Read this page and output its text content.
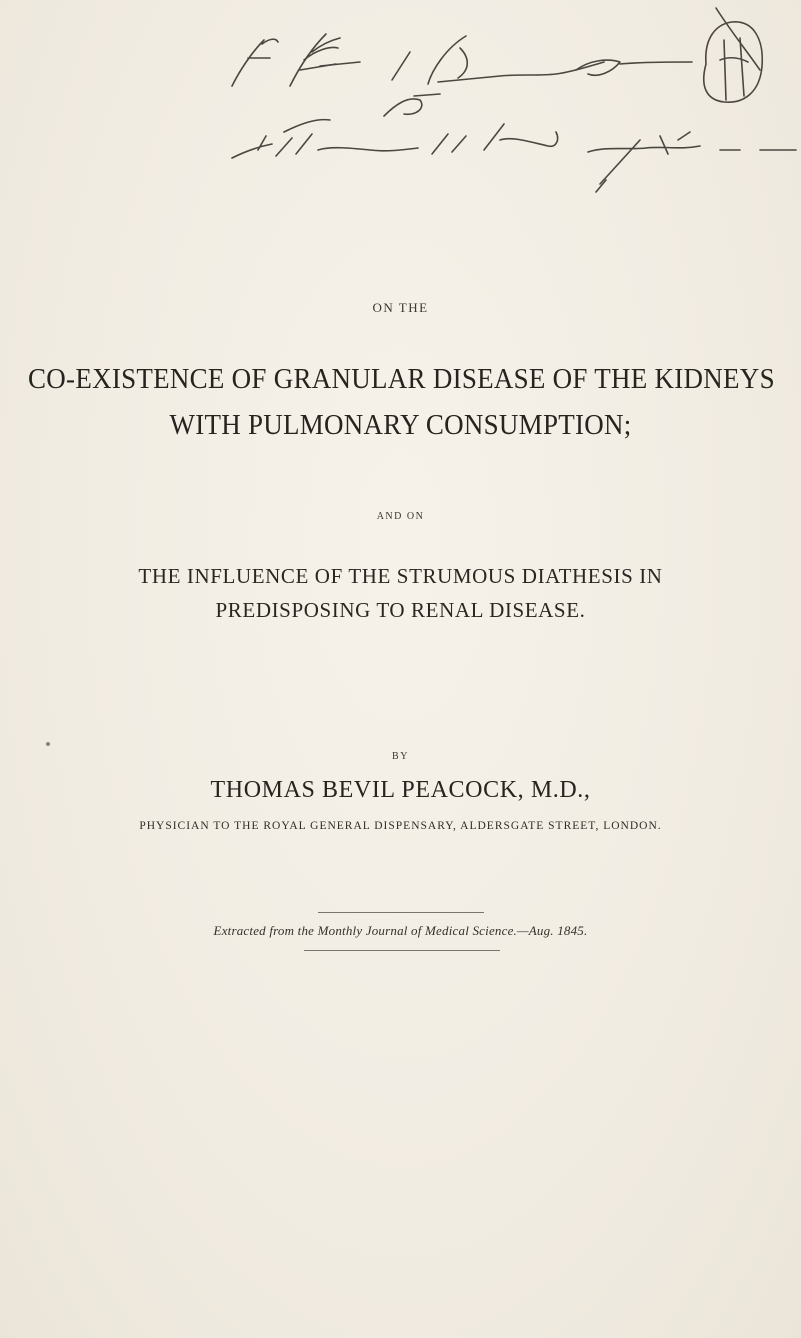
ON THE
CO-EXISTENCE OF GRANULAR DISEASE OF THE KIDNEYS
WITH PULMONARY CONSUMPTION;
AND ON
THE INFLUENCE OF THE STRUMOUS DIATHESIS IN
PREDISPOSING TO RENAL DISEASE.
BY
THOMAS BEVIL PEACOCK, M.D.,
PHYSICIAN TO THE ROYAL GENERAL DISPENSARY, ALDERSGATE STREET, LONDON.
Extracted from the Monthly Journal of Medical Science.—Aug. 1845.
